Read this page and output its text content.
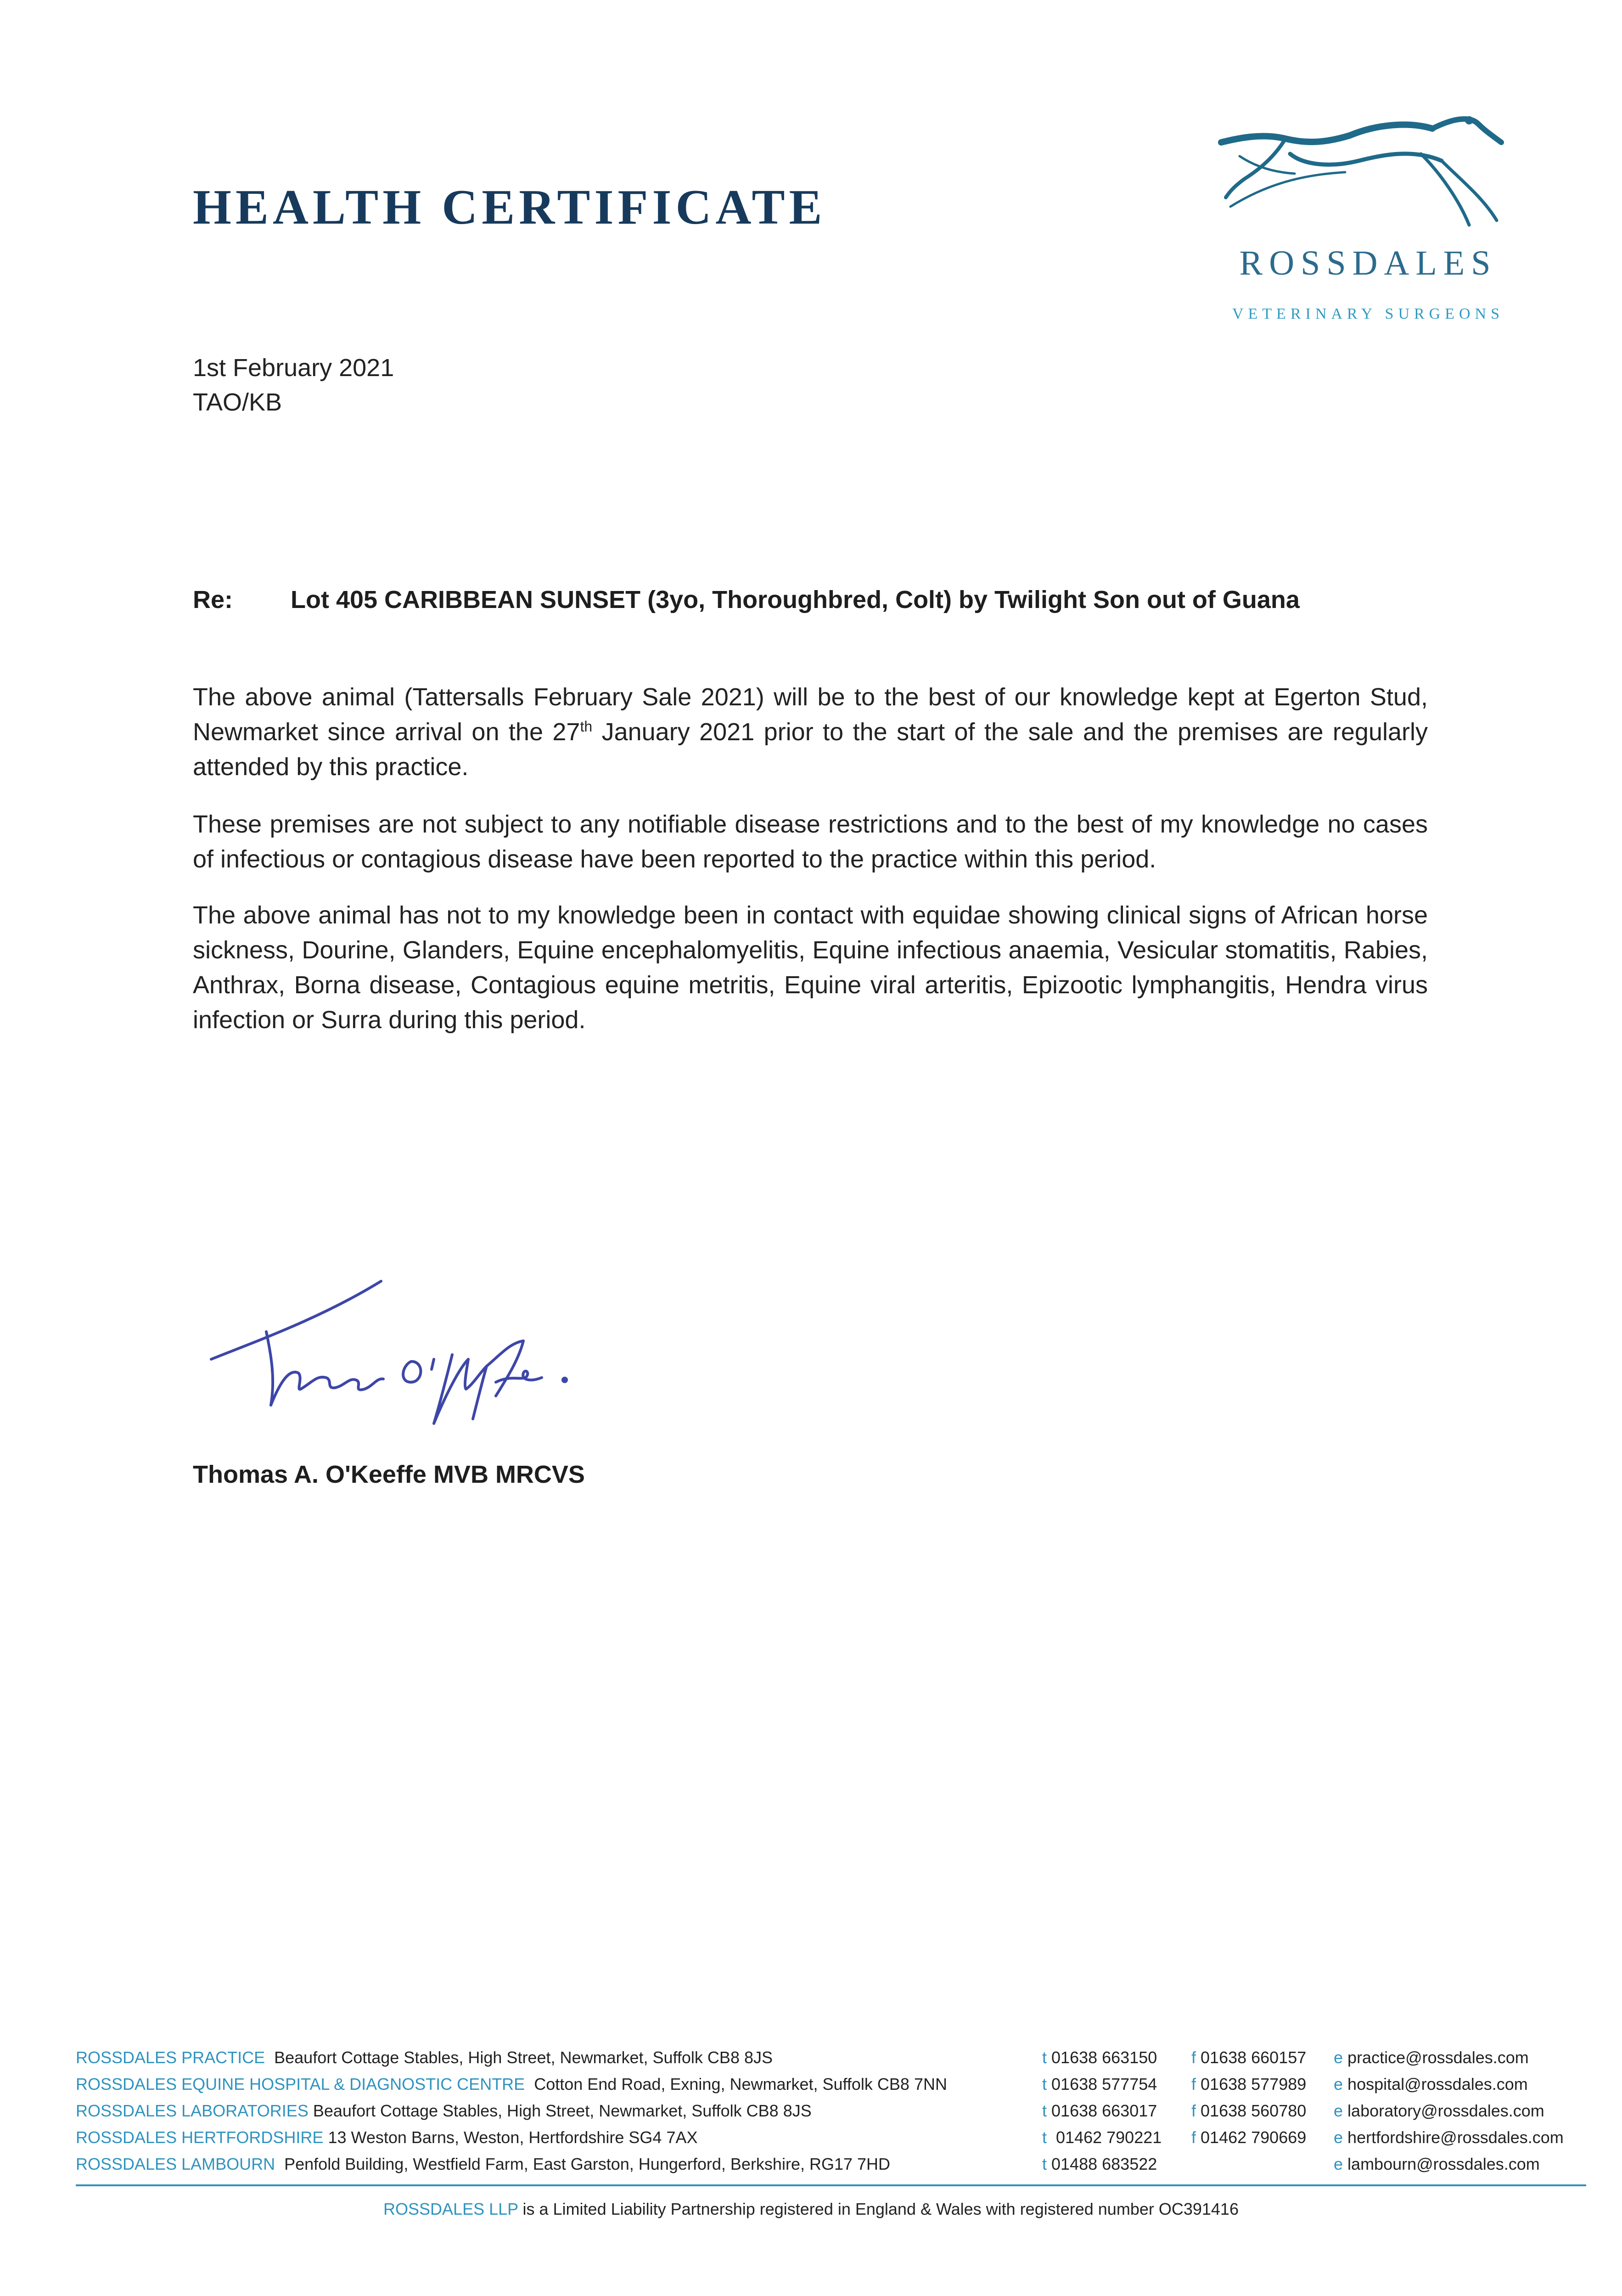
HEALTH CERTIFICATE
ROSSDALES
VETERINARY SURGEONS
1st February 2021
TAO/KB
Re: Lot 405 CARIBBEAN SUNSET (3yo, Thoroughbred, Colt) by Twilight Son out of Guana
The above animal (Tattersalls February Sale 2021) will be to the best of our knowledge kept at Egerton Stud, Newmarket since arrival on the 27th January 2021 prior to the start of the sale and the premises are regularly attended by this practice.
These premises are not subject to any notifiable disease restrictions and to the best of my knowledge no cases of infectious or contagious disease have been reported to the practice within this period.
The above animal has not to my knowledge been in contact with equidae showing clinical signs of African horse sickness, Dourine, Glanders, Equine encephalomyelitis, Equine infectious anaemia, Vesicular stomatitis, Rabies, Anthrax, Borna disease, Contagious equine metritis, Equine viral arteritis, Epizootic lymphangitis, Hendra virus infection or Surra during this period.
Thomas A. O'Keeffe MVB MRCVS
ROSSDALES PRACTICE Beaufort Cottage Stables, High Street, Newmarket, Suffolk CB8 8JS	t 01638 663150 f 01638 660157 e practice@rossdales.com
ROSSDALES EQUINE HOSPITAL & DIAGNOSTIC CENTRE Cotton End Road, Exning, Newmarket, Suffolk CB8 7NN	t 01638 577754 f 01638 577989 e hospital@rossdales.com
ROSSDALES LABORATORIES Beaufort Cottage Stables, High Street, Newmarket, Suffolk CB8 8JS	t 01638 663017 f 01638 560780 e laboratory@rossdales.com
ROSSDALES HERTFORDSHIRE 13 Weston Barns, Weston, Hertfordshire SG4 7AX	t 01462 790221 f 01462 790669 e hertfordshire@rossdales.com
ROSSDALES LAMBOURN Penfold Building, Westfield Farm, East Garston, Hungerford, Berkshire, RG17 7HD	t 01488 683522	e lambourn@rossdales.com
ROSSDALES LLP is a Limited Liability Partnership registered in England & Wales with registered number OC391416
